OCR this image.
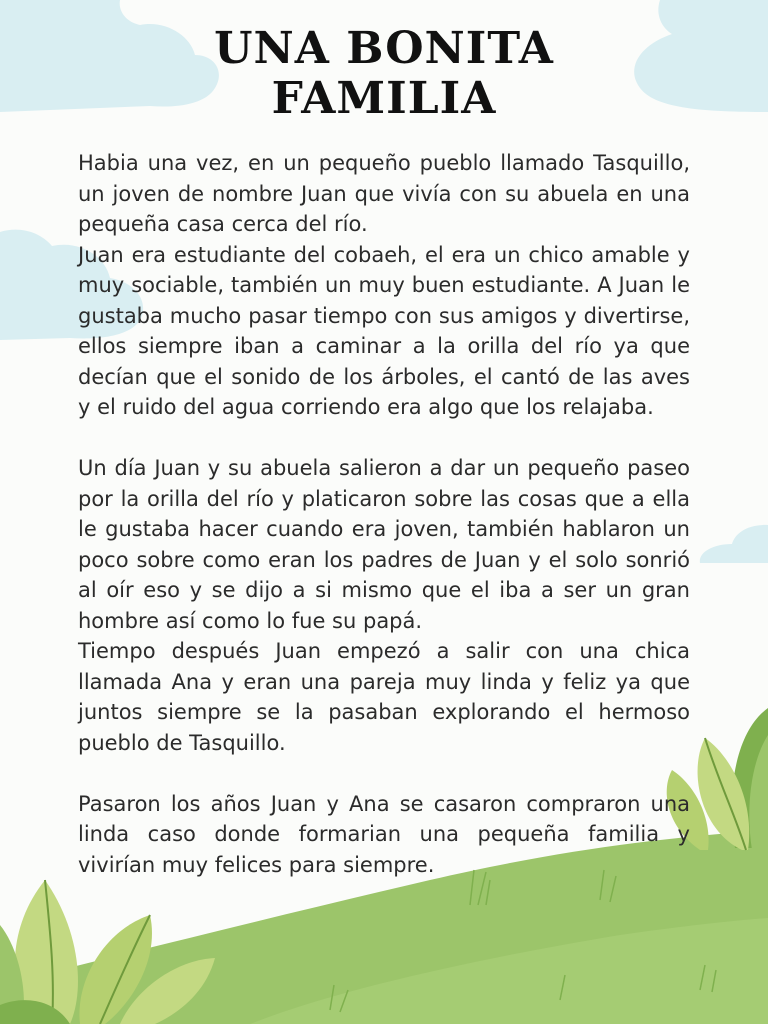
UNA BONITA
FAMILIA

Habia una vez, en un pequeño pueblo llamado Tasquillo, un joven de nombre Juan que vivía con su abuela en una pequeña casa cerca del río.

Juan era estudiante del cobaeh, el era un chico amable y muy sociable, también un muy buen estudiante. A Juan le gustaba mucho pasar tiempo con sus amigos y divertirse, ellos siempre iban a caminar a la orilla del río ya que decían que el sonido de los árboles, el cantó de las aves y el ruido del agua corriendo era algo que los relajaba.

Un día Juan y su abuela salieron a dar un pequeño paseo por la orilla del río y platicaron sobre las cosas que a ella le gustaba hacer cuando era joven, también hablaron un poco sobre como eran los padres de Juan y el solo sonrió al oír eso y se dijo a si mismo que el iba a ser un gran hombre así como lo fue su papá.

Tiempo después Juan empezó a salir con una chica llamada Ana y eran una pareja muy linda y feliz ya que juntos siempre se la pasaban explorando el hermoso pueblo de Tasquillo.

Pasaron los años Juan y Ana se casaron compraron una linda caso donde formarian una pequeña familia y vivirían muy felices para siempre.
